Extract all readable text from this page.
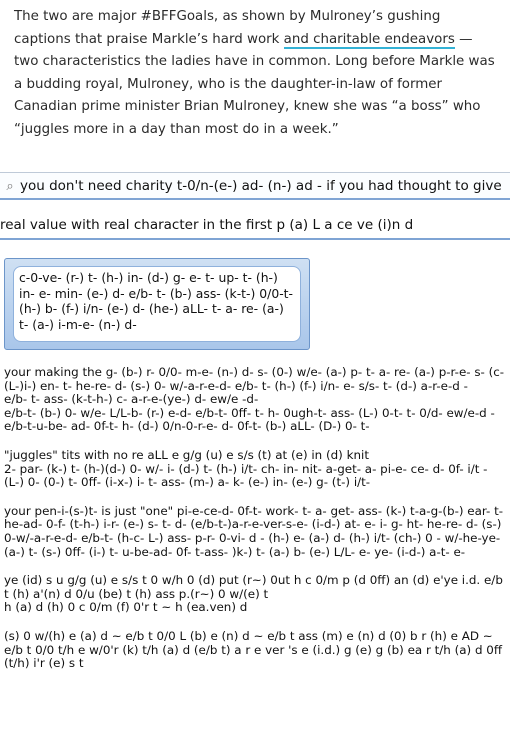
The two are major #BFFGoals, as shown by Mulroney’s gushing captions that praise Markle’s hard work and charitable endeavors — two characteristics the ladies have in common. Long before Markle was a budding royal, Mulroney, who is the daughter-in-law of former Canadian prime minister Brian Mulroney, knew she was “a boss” who “juggles more in a day than most do in a week.”
⌕ you don't need charity t-0/n-(e-) ad- (n-) ad - if you had thought to give
real value with real character in the first p (a) L a ce ve (i)n d
c-0-ve- (r-) t- (h-) in- (d-) g- e- t- up- t- (h-) in- e- min- (e-) d- e/b- t- (b-) ass- (k-t-) 0/0-t- (h-) b- (f-) i/n- (e-) d- (he-) aLL- t- a- re- (a-) t- (a-) i-m-e- (n-) d-

your making the g- (b-) r- 0/0- m-e- (n-) d- s- (0-) w/e- (a-) p- t- a- re- (a-) p-r-e- s- (c-(L-)i-) en- t- he-re- d- (s-) 0- w/-a-r-e-d- e/b- t- (h-) (f-) i/n- e- s/s- t- (d-) a-r-e-d -

e/b- t- ass- (k-t-h-) c- a-r-e-(ye-) d- ew/e -d-

e/b-t- (b-) 0- w/e- L/L-b- (r-) e-d- e/b-t- 0ff- t- h- 0ugh-t- ass- (L-) 0-t- t- 0/d- ew/e-d - e/b-t-u-be- ad- 0f-t- h- (d-) 0/n-0-r-e- d- 0f-t- (b-) aLL- (D-) 0- t-

"juggles" tits with no re aLL e g/g (u) e s/s (t) at (e) in (d) knit

2- par- (k-) t- (h-)(d-) 0- w/- i- (d-) t- (h-) i/t- ch- in- nit- a-get- a- pi-e- ce- d- 0f- i/t - (L-) 0- (0-) t- 0ff- (i-x-) i- t- ass- (m-) a- k- (e-) in- (e-) g- (t-) i/t-

your pen-i-(s-)t- is just "one" pi-e-ce-d- 0f-t- work- t- a- get- ass- (k-) t-a-g-(b-) ear- t- he-ad- 0-f- (t-h-) i-r- (e-) s- t- d- (e/b-t-)a-r-e-ver-s-e- (i-d-) at- e- i- g- ht- he-re- d- (s-) 0-w/-a-r-e-d- e/b-t- (h-c- L-) ass- p-r- 0-vi- d - (h-) e- (a-) d- (h-) i/t- (ch-) 0 - w/-he-ye- (a-) t- (s-) 0ff- (i-) t- u-be-ad- 0f- t-ass- )k-) t- (a-) b- (e-) L/L- e- ye- (i-d-) a-t- e-

ye (id) s u g/g (u) e s/s t 0 w/h 0 (d) put (r~) 0ut h c 0/m p (d 0ff) an (d) e'ye i.d. e/b t (h) a'(n) d 0/u (be) t (h) ass p.(r~) 0 w/(e) t

h (a) d (h) 0 c 0/m (f) 0'r t ~ h (ea.ven) d

(s) 0 w/(h) e (a) d ~ e/b t 0/0 L (b) e (n) d ~ e/b t ass (m) e (n) d (0) b r (h) e AD ~ e/b t 0/0 t/h e w/0'r (k) t/h (a) d (e/b t) a r e ver 's e (i.d.) g (e) g (b) ea r t/h (a) d 0ff (t/h) i'r (e) s t
